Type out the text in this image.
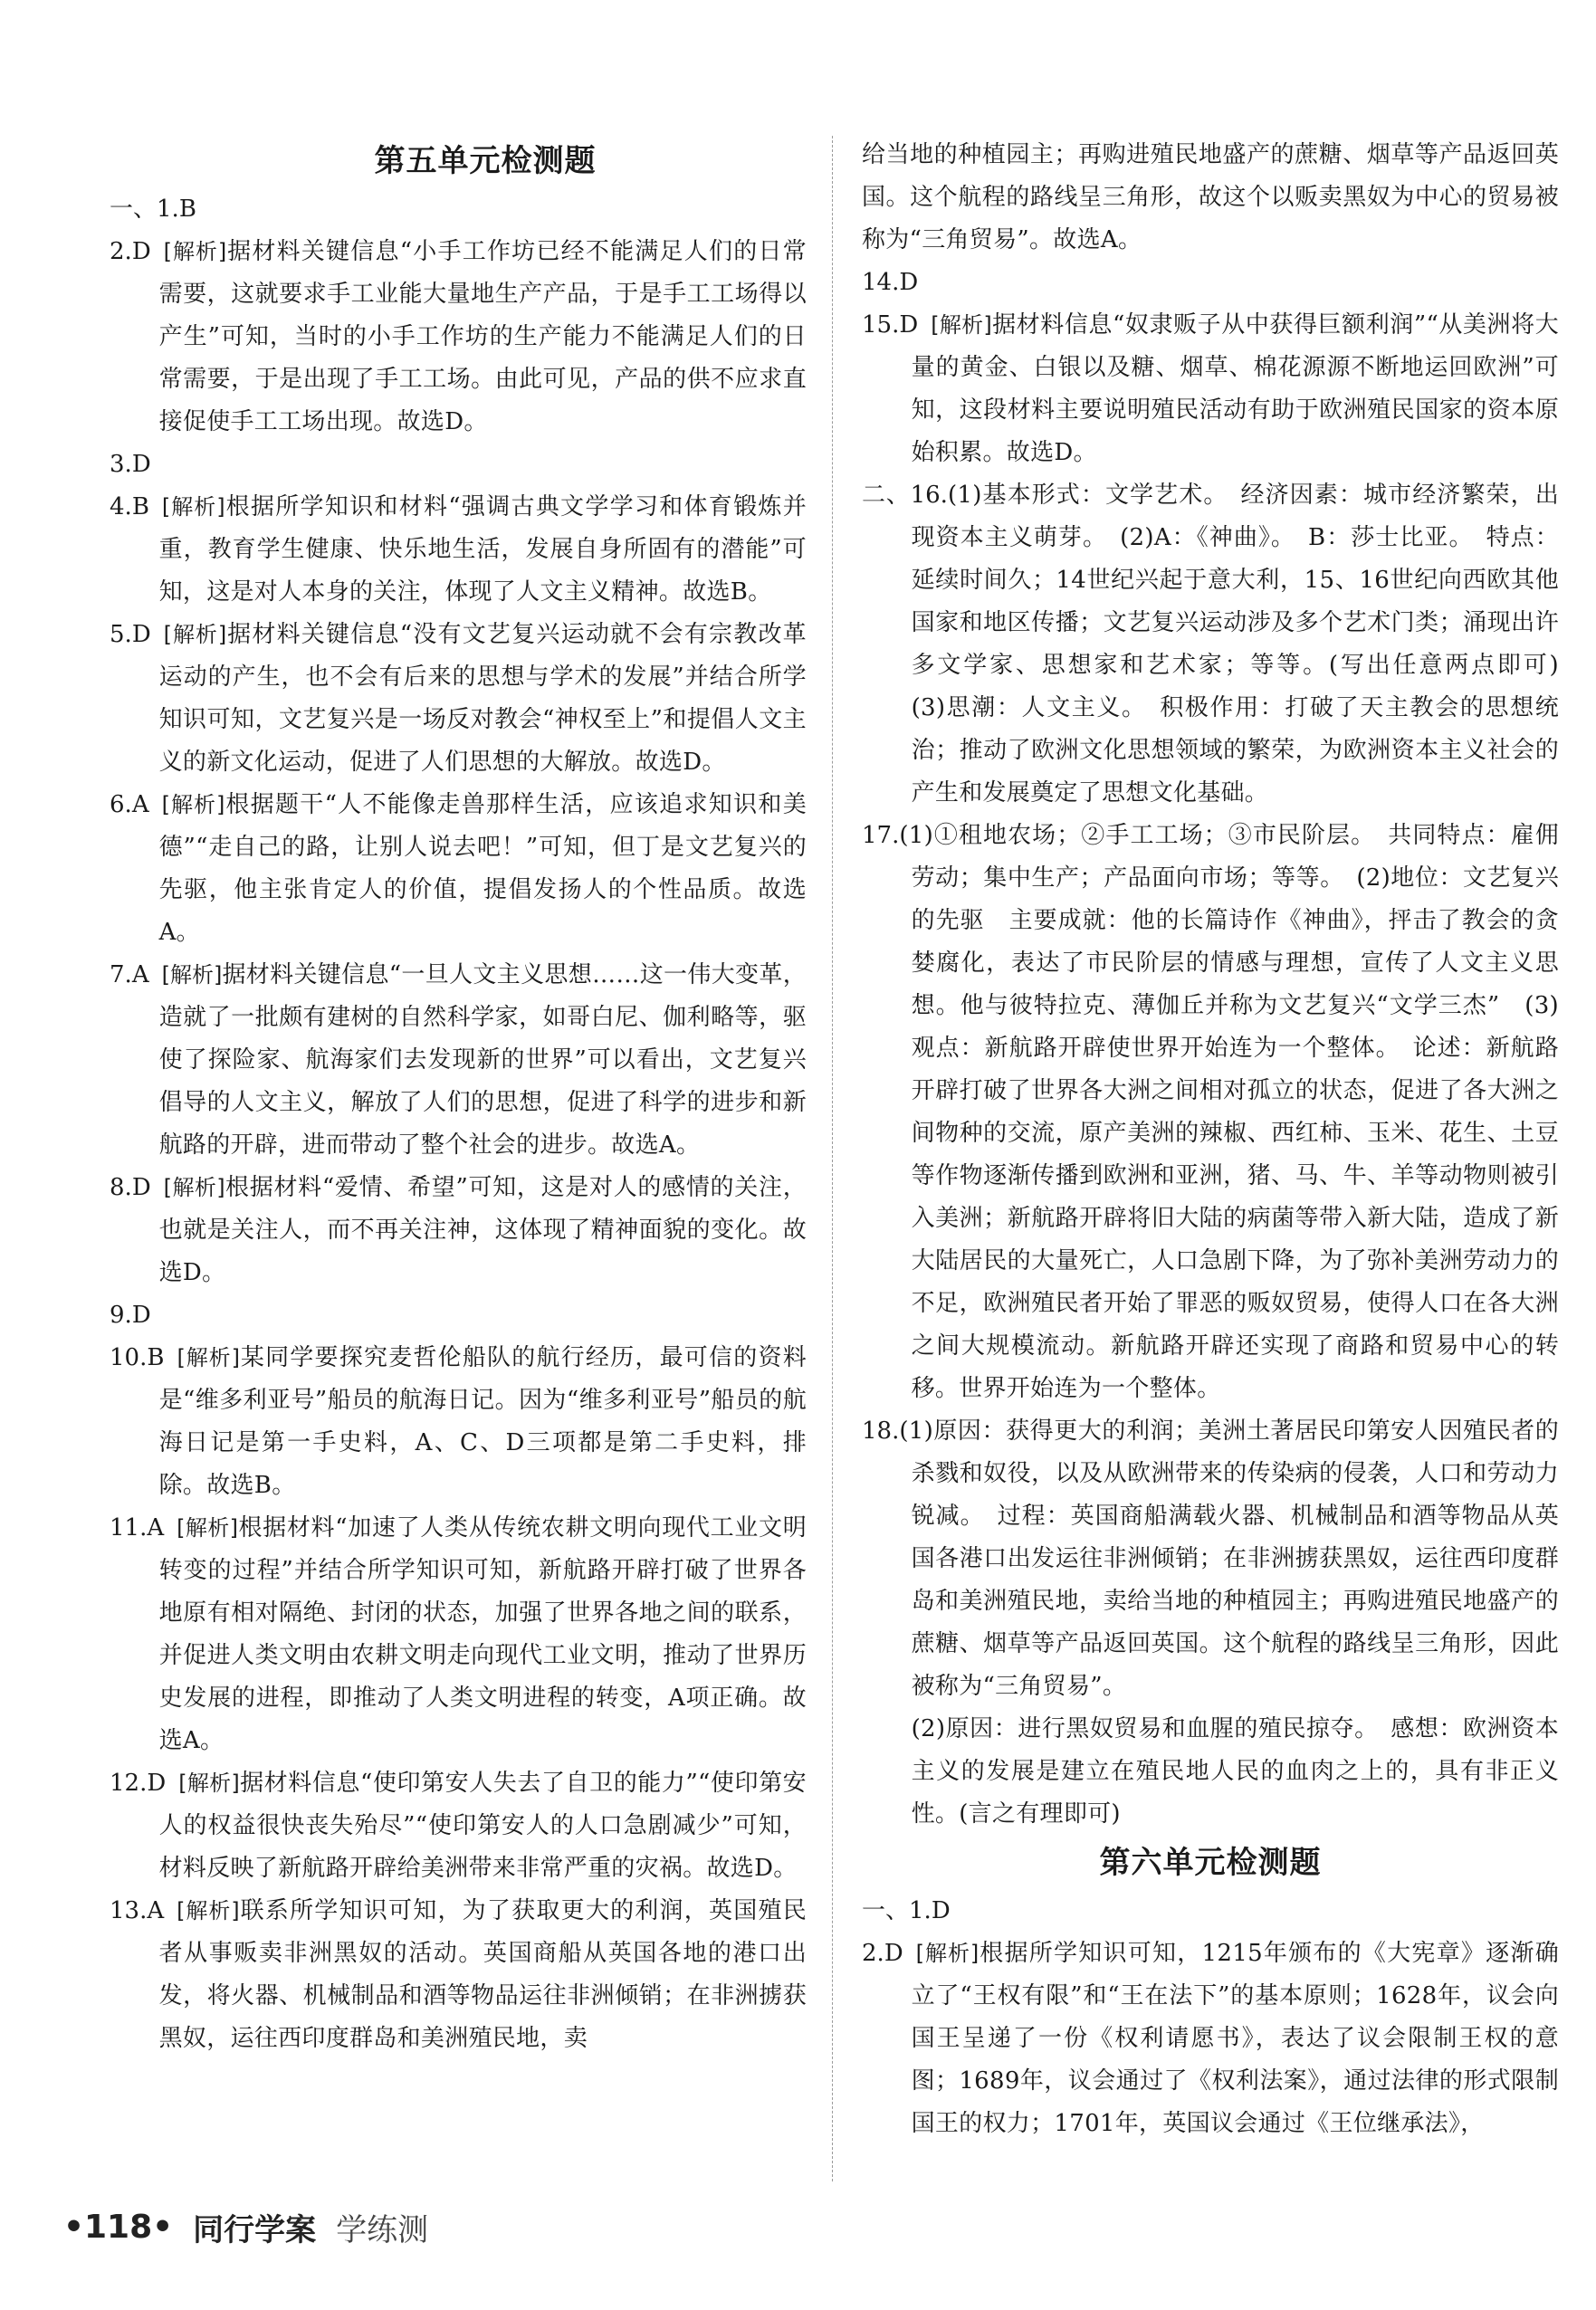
第五单元检测题

一、1.B

2.D [解析]据材料关键信息“小手工作坊已经不能满足人们的日常需要，这就要求手工业能大量地生产产品，于是手工工场得以产生”可知，当时的小手工作坊的生产能力不能满足人们的日常需要，于是出现了手工工场。由此可见，产品的供不应求直接促使手工工场出现。故选D。

3.D

4.B [解析]根据所学知识和材料“强调古典文学学习和体育锻炼并重，教育学生健康、快乐地生活，发展自身所固有的潜能”可知，这是对人本身的关注，体现了人文主义精神。故选B。

5.D [解析]据材料关键信息“没有文艺复兴运动就不会有宗教改革运动的产生，也不会有后来的思想与学术的发展”并结合所学知识可知，文艺复兴是一场反对教会“神权至上”和提倡人文主义的新文化运动，促进了人们思想的大解放。故选D。

6.A [解析]根据题干“人不能像走兽那样生活，应该追求知识和美德”“走自己的路，让别人说去吧！”可知，但丁是文艺复兴的先驱，他主张肯定人的价值，提倡发扬人的个性品质。故选A。

7.A [解析]据材料关键信息“一旦人文主义思想……这一伟大变革，造就了一批颇有建树的自然科学家，如哥白尼、伽利略等，驱使了探险家、航海家们去发现新的世界”可以看出，文艺复兴倡导的人文主义，解放了人们的思想，促进了科学的进步和新航路的开辟，进而带动了整个社会的进步。故选A。

8.D [解析]根据材料“爱情、希望”可知，这是对人的感情的关注，也就是关注人，而不再关注神，这体现了精神面貌的变化。故选D。

9.D

10.B [解析]某同学要探究麦哲伦船队的航行经历，最可信的资料是“维多利亚号”船员的航海日记。因为“维多利亚号”船员的航海日记是第一手史料，A、C、D三项都是第二手史料，排除。故选B。

11.A [解析]根据材料“加速了人类从传统农耕文明向现代工业文明转变的过程”并结合所学知识可知，新航路开辟打破了世界各地原有相对隔绝、封闭的状态，加强了世界各地之间的联系，并促进人类文明由农耕文明走向现代工业文明，推动了世界历史发展的进程，即推动了人类文明进程的转变，A项正确。故选A。

12.D [解析]据材料信息“使印第安人失去了自卫的能力”“使印第安人的权益很快丧失殆尽”“使印第安人的人口急剧减少”可知，材料反映了新航路开辟给美洲带来非常严重的灾祸。故选D。

13.A [解析]联系所学知识可知，为了获取更大的利润，英国殖民者从事贩卖非洲黑奴的活动。英国商船从英国各地的港口出发，将火器、机械制品和酒等物品运往非洲倾销；在非洲掳获黑奴，运往西印度群岛和美洲殖民地，卖

给当地的种植园主；再购进殖民地盛产的蔗糖、烟草等产品返回英国。这个航程的路线呈三角形，故这个以贩卖黑奴为中心的贸易被称为“三角贸易”。故选A。

14.D

15.D [解析]据材料信息“奴隶贩子从中获得巨额利润”“从美洲将大量的黄金、白银以及糖、烟草、棉花源源不断地运回欧洲”可知，这段材料主要说明殖民活动有助于欧洲殖民国家的资本原始积累。故选D。

二、16.(1)基本形式：文学艺术。　经济因素：城市经济繁荣，出现资本主义萌芽。　(2)A：《神曲》。　B：莎士比亚。　特点：延续时间久；14世纪兴起于意大利，15、16世纪向西欧其他国家和地区传播；文艺复兴运动涉及多个艺术门类；涌现出许多文学家、思想家和艺术家；等等。(写出任意两点即可)　(3)思潮：人文主义。　积极作用：打破了天主教会的思想统治；推动了欧洲文化思想领域的繁荣，为欧洲资本主义社会的产生和发展奠定了思想文化基础。

17.(1)①租地农场；②手工工场；③市民阶层。　共同特点：雇佣劳动；集中生产；产品面向市场；等等。　(2)地位：文艺复兴的先驱　主要成就：他的长篇诗作《神曲》，抨击了教会的贪婪腐化，表达了市民阶层的情感与理想，宣传了人文主义思想。他与彼特拉克、薄伽丘并称为文艺复兴“文学三杰”　(3)观点：新航路开辟使世界开始连为一个整体。　论述：新航路开辟打破了世界各大洲之间相对孤立的状态，促进了各大洲之间物种的交流，原产美洲的辣椒、西红柿、玉米、花生、土豆等作物逐渐传播到欧洲和亚洲，猪、马、牛、羊等动物则被引入美洲；新航路开辟将旧大陆的病菌等带入新大陆，造成了新大陆居民的大量死亡，人口急剧下降，为了弥补美洲劳动力的不足，欧洲殖民者开始了罪恶的贩奴贸易，使得人口在各大洲之间大规模流动。新航路开辟还实现了商路和贸易中心的转移。世界开始连为一个整体。

18.(1)原因：获得更大的利润；美洲土著居民印第安人因殖民者的杀戮和奴役，以及从欧洲带来的传染病的侵袭，人口和劳动力锐减。　过程：英国商船满载火器、机械制品和酒等物品从英国各港口出发运往非洲倾销；在非洲掳获黑奴，运往西印度群岛和美洲殖民地，卖给当地的种植园主；再购进殖民地盛产的蔗糖、烟草等产品返回英国。这个航程的路线呈三角形，因此被称为“三角贸易”。

(2)原因：进行黑奴贸易和血腥的殖民掠夺。　感想：欧洲资本主义的发展是建立在殖民地人民的血肉之上的，具有非正义性。(言之有理即可)

第六单元检测题

一、1.D

2.D [解析]根据所学知识可知，1215年颁布的《大宪章》逐渐确立了“王权有限”和“王在法下”的基本原则；1628年，议会向国王呈递了一份《权利请愿书》，表达了议会限制王权的意图；1689年，议会通过了《权利法案》，通过法律的形式限制国王的权力；1701年，英国议会通过《王位继承法》，

•118• 同行学案 学练测
